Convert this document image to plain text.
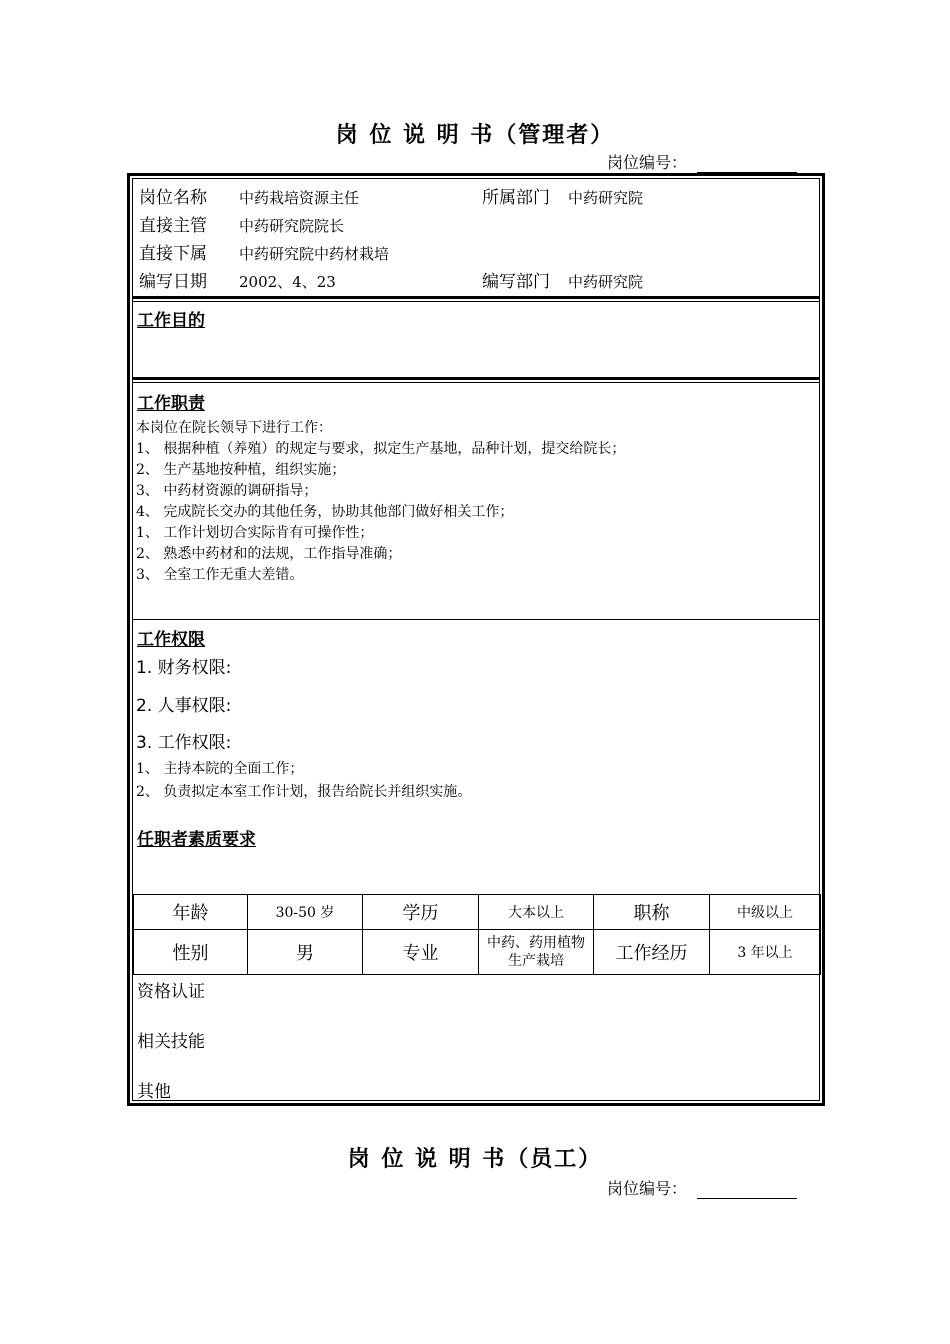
岗 位 说 明 书（管理者）
岗位编号：
岗位名称 中药栽培资源主任	所属部门 中药研究院
直接主管 中药研究院院长
直接下属 中药研究院中药材栽培
编写日期 2002、4、23	编写部门 中药研究院
工作目的
工作职责
本岗位在院长领导下进行工作：
1、 根据种植（养殖）的规定与要求，拟定生产基地，品种计划，提交给院长；
2、 生产基地按种植，组织实施；
3、 中药材资源的调研指导；
4、 完成院长交办的其他任务，协助其他部门做好相关工作；
1、 工作计划切合实际肯有可操作性；
2、 熟悉中药材和的法规，工作指导准确；
3、 全室工作无重大差错。
工作权限
1. 财务权限:
2. 人事权限:
3. 工作权限:
1、 主持本院的全面工作；
2、 负责拟定本室工作计划，报告给院长并组织实施。
任职者素质要求
年龄	30-50 岁	学历	大本以上	职称	中级以上
性别	男	专业	中药、药用植物生产栽培	工作经历	3 年以上
资格认证
相关技能
其他
岗 位 说 明 书（员工）
岗位编号：
